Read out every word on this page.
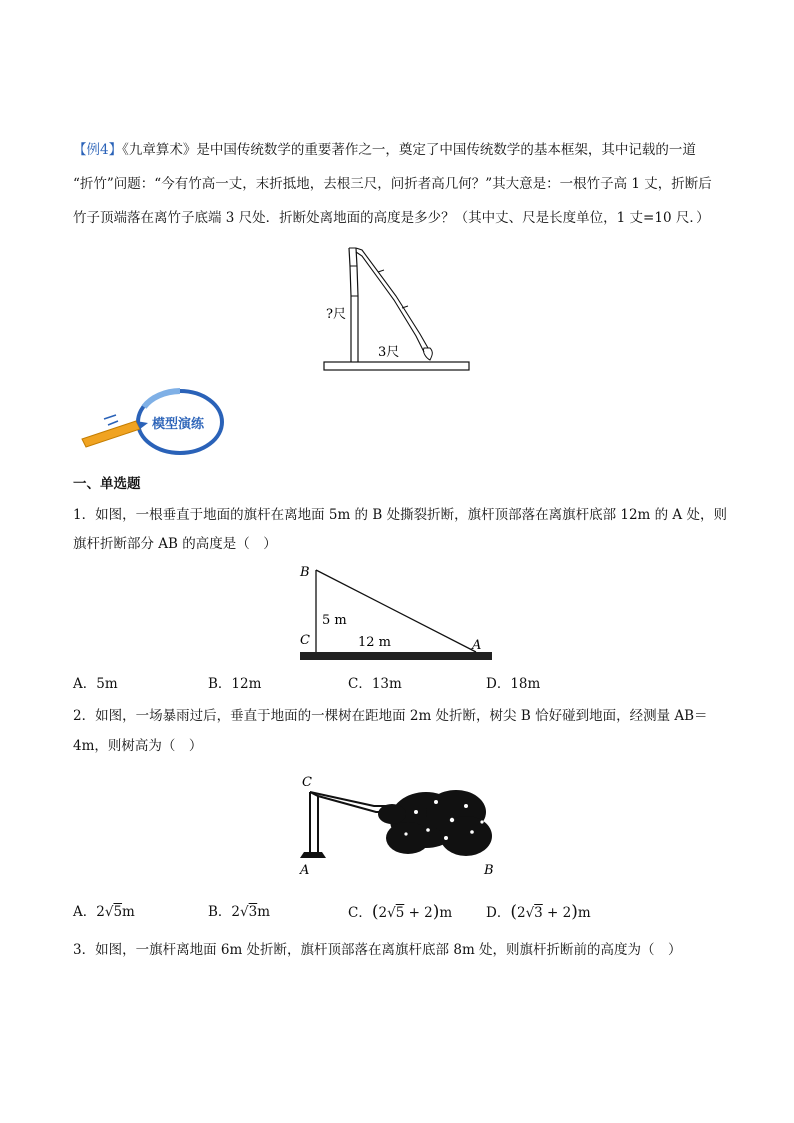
【例4】《九章算术》是中国传统数学的重要著作之一，奠定了中国传统数学的基本框架，其中记载的一道
“折竹”问题：“今有竹高一丈，末折抵地，去根三尺，问折者高几何？”其大意是：一根竹子高 1 丈，折断后
竹子顶端落在离竹子底端 3 尺处．折断处离地面的高度是多少？（其中丈、尺是长度单位，1 丈=10 尺．）
?尺
3尺
模型演练
一、单选题
1．如图，一根垂直于地面的旗杆在离地面 5m 的 B 处撕裂折断，旗杆顶部落在离旗杆底部 12m 的 A 处，则
旗杆折断部分 AB 的高度是（　）
B
C	A
5 m
12 m
A．5m	B．12m	C．13m	D．18m
2．如图，一场暴雨过后，垂直于地面的一棵树在距地面 2m 处折断，树尖 B 恰好碰到地面，经测量 AB＝
4m，则树高为（　）
C
A	B
A．2√5m	B．2√3m	C．(2√5 + 2)m	D．(2√3 + 2)m
3．如图，一旗杆离地面 6m 处折断，旗杆顶部落在离旗杆底部 8m 处，则旗杆折断前的高度为（　）
